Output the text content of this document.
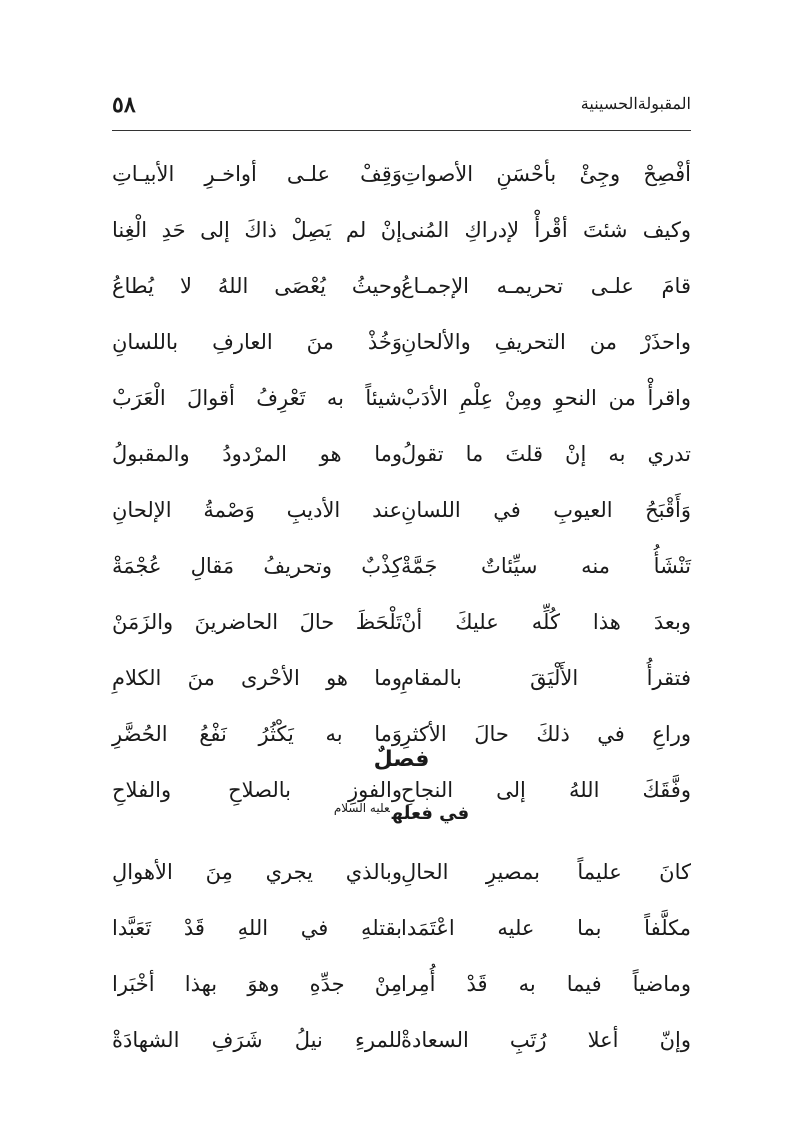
٥٨	المقبولةالحسينية
أفْصِحْ وجِئْ بأحْسَنِ الأصواتِ
وَقِفْ علـى أواخـرِ الأبيـاتِ
وكيف شئتَ أقْرأْ لإدراكِ المُنى
إنْ لم يَصِلْ ذاكَ إلى حَدِ الْغِنا
قامَ علـى تحريمـه الإجمـاعُ
وحيثُ يُعْصَى اللهُ لا يُطاعُ
واحذَرْ من التحريفِ والألحانِ
وَخُذْ منَ العارفِ باللسانِ
واقرأْ من النحوِ ومِنْ عِلْمِ الأدَبْ
شيئاً به تَعْرِفُ أقوالَ الْعَرَبْ
تدري به إنْ قلتَ ما تقولُ
وما هو المرْدودُ والمقبولُ
وَأَقْبَحُ العيوبِ في اللسانِ
عند الأديبِ وَصْمةُ الإلحانِ
تَنْشَأُ منه سيِّئاتٌ جَمَّةْ
كِذْبٌ وتحريفُ مَقالِ عُجْمَةْ
وبعدَ هذا كُلِّه عليكَ أنْ
تَلْحَظَ حالَ الحاضرينَ والزَمَنْ
فتقرأُ الأَلْيَقَ بالمقامِ
وما هو الأحْرى منَ الكلامِ
وراعِ في ذلكَ حالَ الأكثرِ
وَما به يَكْثُرُ نَفْعُ الحُضَّرِ
وفَّقَكَ اللهُ إلى النجاحِ
والفوزِ بالصلاحِ والفلاحِ
فصلٌ
في فعله$^{عليه السلام}$
كانَ عليماً بمصيرِ الحالِ
وبالذي يجري مِنَ الأهوالِ
مكلَّفاً بما عليه اعْتَمَدا
بقتلهِ في اللهِ قَدْ تَعَبَّدا
وماضياً فيما به قَدْ أُمِرا
مِنْ جدِّهِ وهوَ بهذا أخْبَرا
وإنّ أعلا رُتَبِ السعادةْ
للمرءِ نيلُ شَرَفِ الشهادَةْ
